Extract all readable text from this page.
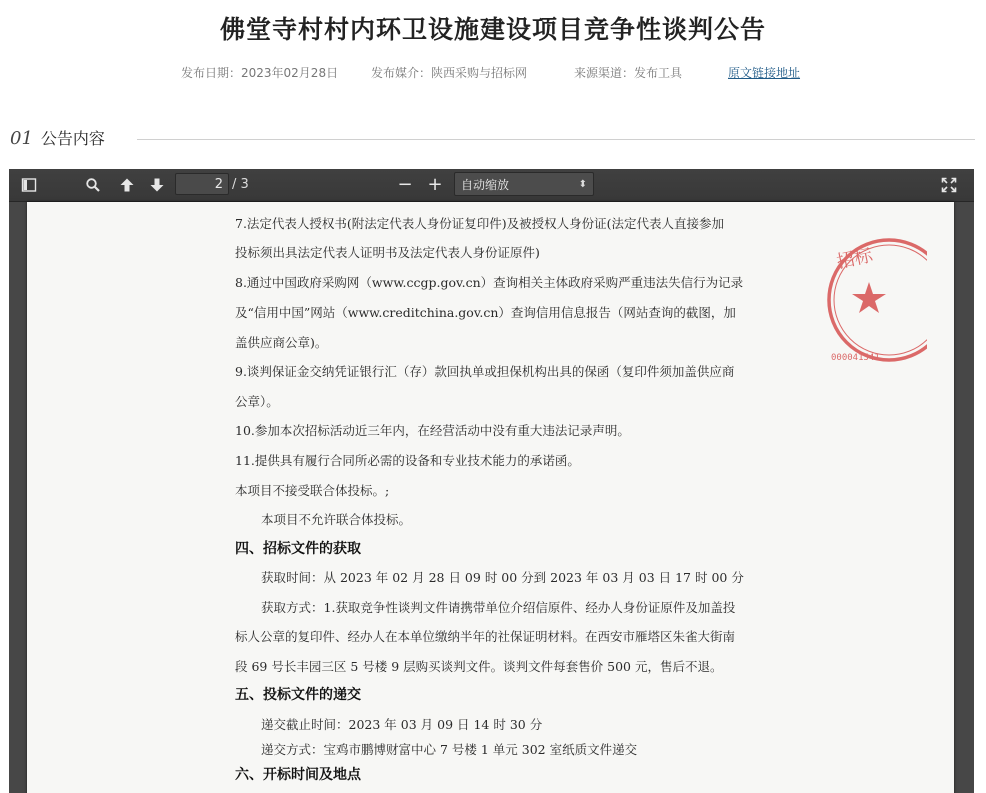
佛堂寺村村内环卫设施建设项目竞争性谈判公告
发布日期：2023年02月28日	发布媒介：陕西采购与招标网	来源渠道：发布工具	原文链接地址
01 公告内容
2 / 3	− +	自动缩放	⬍
招标
000041541
7.法定代表人授权书(附法定代表人身份证复印件)及被授权人身份证(法定代表人直接参加
投标须出具法定代表人证明书及法定代表人身份证原件)
8.通过中国政府采购网（www.ccgp.gov.cn）查询相关主体政府采购严重违法失信行为记录
及“信用中国”网站（www.creditchina.gov.cn）查询信用信息报告（网站查询的截图，加
盖供应商公章)。
9.谈判保证金交纳凭证银行汇（存）款回执单或担保机构出具的保函（复印件须加盖供应商
公章）。
10.参加本次招标活动近三年内，在经营活动中没有重大违法记录声明。
11.提供具有履行合同所必需的设备和专业技术能力的承诺函。
本项目不接受联合体投标。;
本项目不允许联合体投标。
四、招标文件的获取
获取时间：从 2023 年 02 月 28 日 09 时 00 分到 2023 年 03 月 03 日 17 时 00 分
获取方式：1.获取竞争性谈判文件请携带单位介绍信原件、经办人身份证原件及加盖投
标人公章的复印件、经办人在本单位缴纳半年的社保证明材料。在西安市雁塔区朱雀大街南
段 69 号长丰园三区 5 号楼 9 层购买谈判文件。谈判文件每套售价 500 元，售后不退。
五、投标文件的递交
递交截止时间：2023 年 03 月 09 日 14 时 30 分
递交方式：宝鸡市鹏博财富中心 7 号楼 1 单元 302 室纸质文件递交
六、开标时间及地点
